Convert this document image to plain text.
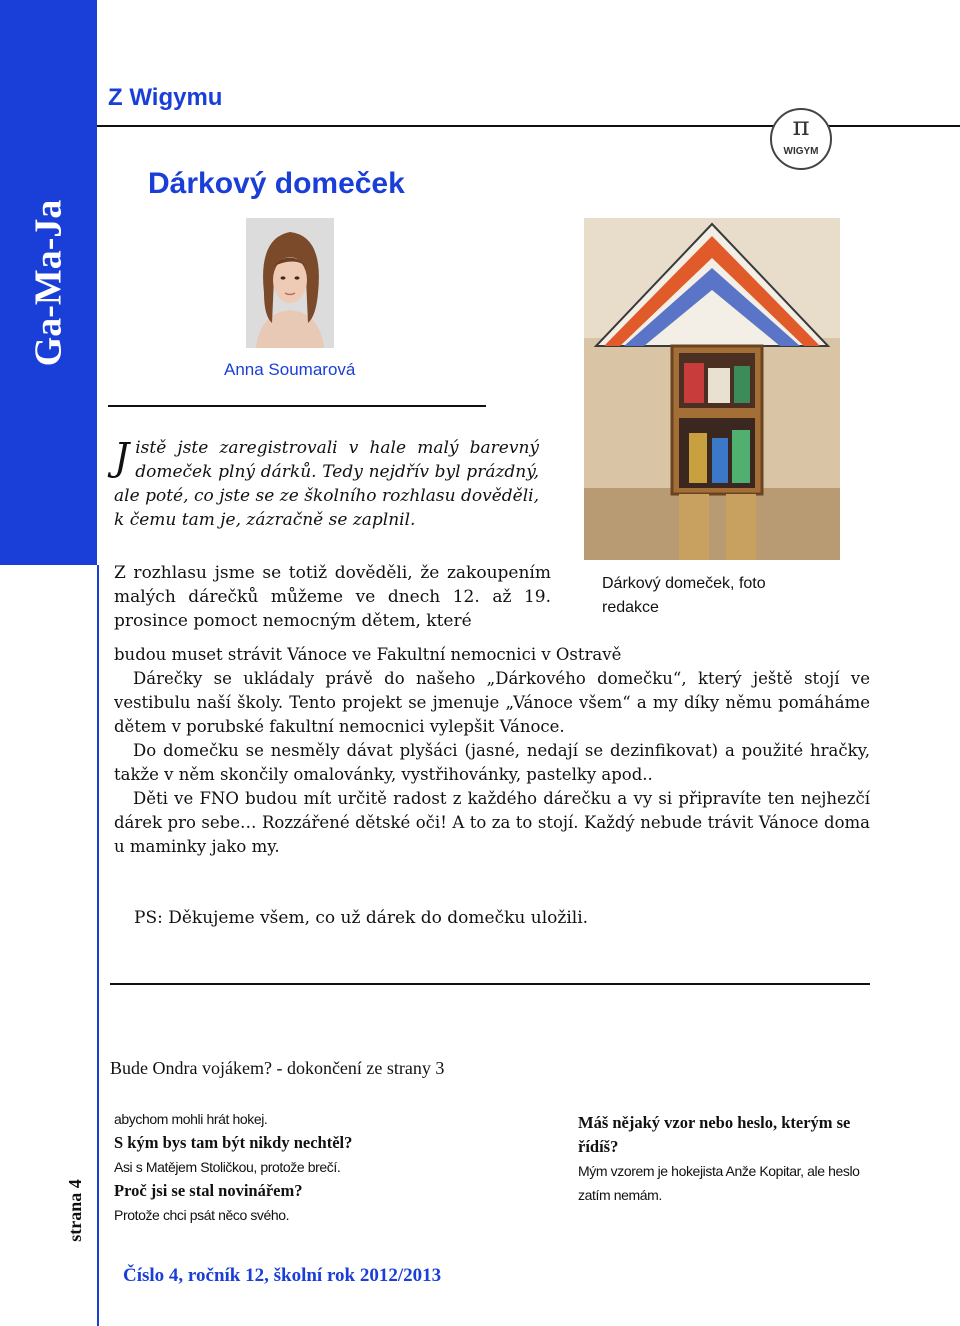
Ga-Ma-Ja
Z Wigymu
π
WIGYM
Dárkový domeček
Anna Soumarová

Jistě jste zaregistrovali v hale malý barevný domeček plný dárků. Tedy nejdřív byl prázdný, ale poté, co jste se ze školního rozhlasu dověděli, k čemu tam je, zázračně se zaplnil.

Z rozhlasu jsme se totiž dověděli, že zakoupením malých dárečků můžeme ve dnech 12. až 19. prosince pomoct nemocným dětem, které

Dárkový domeček, foto redakce

budou muset strávit Vánoce ve Fakultní nemocnici v Ostravě

Dárečky se ukládaly právě do našeho „Dárkového domečku“, který ještě stojí ve vestibulu naší školy. Tento projekt se jmenuje „Vánoce všem“ a my díky němu pomáháme dětem v porubské fakultní nemocnici vylepšit Vánoce.

Do domečku se nesměly dávat plyšáci (jasné, nedají se dezinfikovat) a použité hračky, takže v něm skončily omalovánky, vystřihovánky, pastelky apod..

Děti ve FNO budou mít určitě radost z každého dárečku a vy si připravíte ten nejhezčí dárek pro sebe… Rozzářené dětské oči! A to za to stojí. Každý nebude trávit Vánoce doma u maminky jako my.

PS: Děkujeme všem, co už dárek do domečku uložili.
Bude Ondra vojákem? - dokončení ze strany 3
abychom mohli hrát hokej.
S kým bys tam být nikdy nechtěl?
Asi s Matějem Stoličkou, protože brečí.
Proč jsi se stal novinářem?
Protože chci psát něco svého.
Máš nějaký vzor nebo heslo, kterým se řídíš?
Mým vzorem je hokejista Anže Kopitar, ale heslo zatím nemám.
strana 4
Číslo 4, ročník 12, školní rok 2012/2013
